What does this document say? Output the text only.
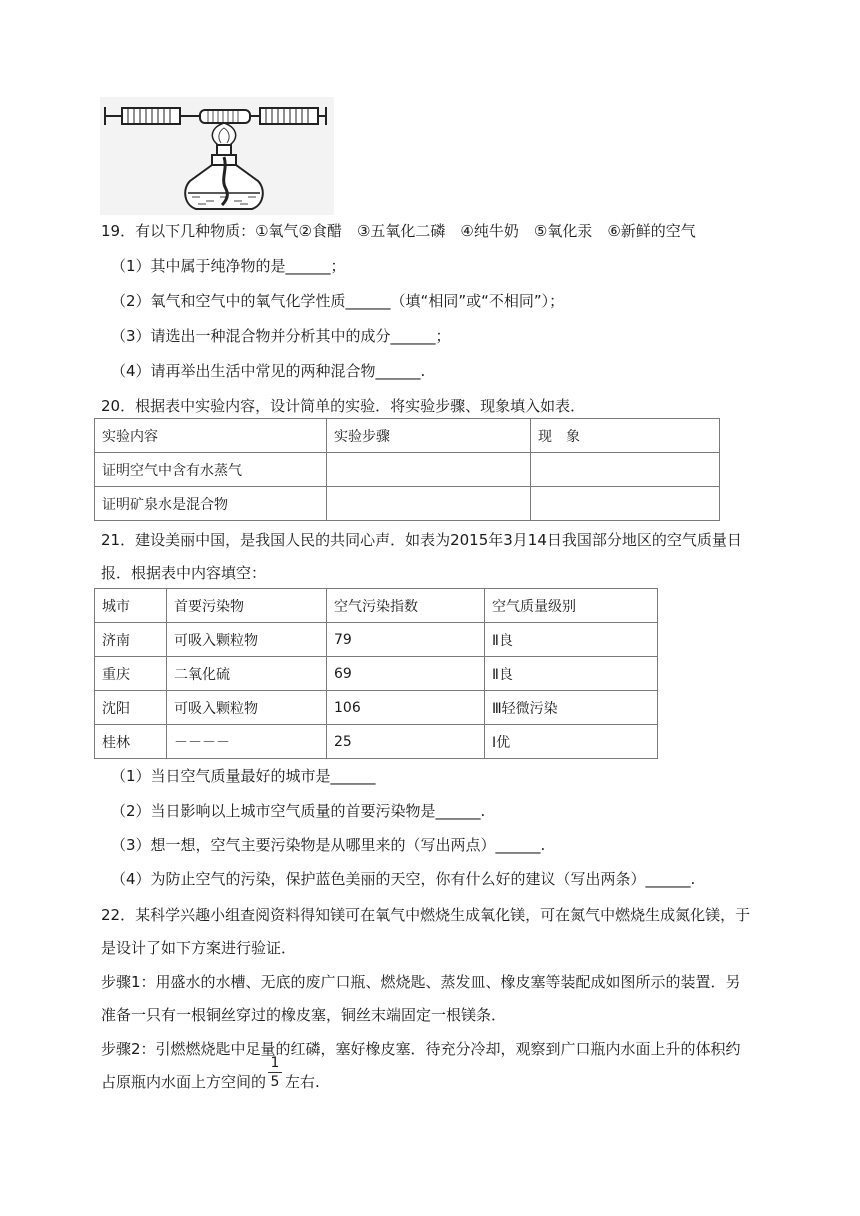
19．有以下几种物质：①氧气②食醋　③五氧化二磷　④纯牛奶　⑤氧化汞　⑥新鲜的空气
（1）其中属于纯净物的是______；
（2）氧气和空气中的氧气化学性质______（填“相同”或“不相同”）；
（3）请选出一种混合物并分析其中的成分______；
（4）请再举出生活中常见的两种混合物______.
20．根据表中实验内容，设计简单的实验．将实验步骤、现象填入如表．
实验内容	实验步骤	现　象
证明空气中含有水蒸气		
证明矿泉水是混合物		
21．建设美丽中国，是我国人民的共同心声．如表为2015年3月14日我国部分地区的空气质量日
报．根据表中内容填空：
城市	首要污染物	空气污染指数	空气质量级别
济南	可吸入颗粒物	79	Ⅱ良
重庆	二氧化硫	69	Ⅱ良
沈阳	可吸入颗粒物	106	Ⅲ轻微污染
桂林	－－－－	25	Ⅰ优
（1）当日空气质量最好的城市是______
（2）当日影响以上城市空气质量的首要污染物是______.
（3）想一想，空气主要污染物是从哪里来的（写出两点）______.
（4）为防止空气的污染，保护蓝色美丽的天空，你有什么好的建议（写出两条）______.
22．某科学兴趣小组查阅资料得知镁可在氧气中燃烧生成氧化镁，可在氮气中燃烧生成氮化镁，于
是设计了如下方案进行验证．
步骤1：用盛水的水槽、无底的废广口瓶、燃烧匙、蒸发皿、橡皮塞等装配成如图所示的装置．另
准备一只有一根铜丝穿过的橡皮塞，铜丝末端固定一根镁条．
步骤2：引燃燃烧匙中足量的红磷，塞好橡皮塞．待充分冷却，观察到广口瓶内水面上升的体积约
占原瓶内水面上方空间的
1
5 左右.
